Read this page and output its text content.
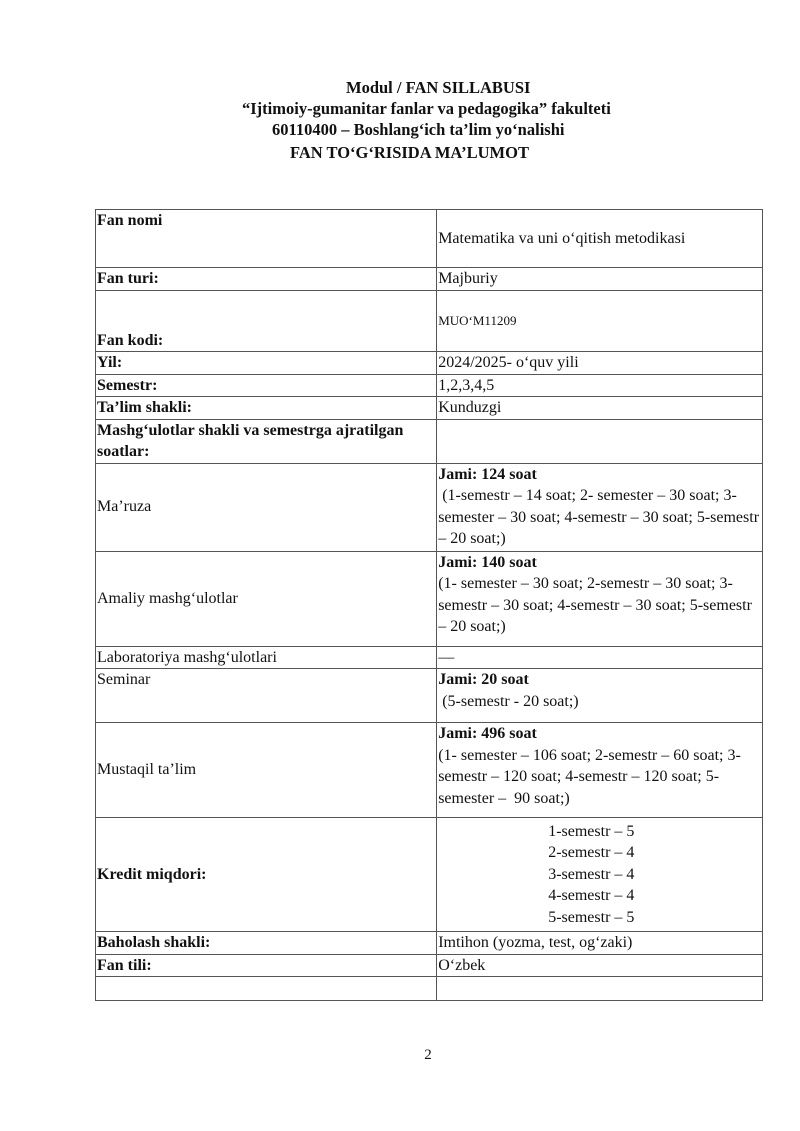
Modul / FAN SILLABUSI
“Ijtimoiy-gumanitar fanlar va pedagogika” fakulteti
60110400 – Boshlang‘ich ta’lim yo‘nalishi
FAN TO‘G‘RISIDA MA’LUMOT
Fan nomi	Matematika va uni o‘qitish metodikasi
Fan turi:	Majburiy
Fan kodi:	MUO‘M11209
Yil:	2024/2025- o‘quv yili
Semestr:	1,2,3,4,5
Ta’lim shakli:	Kunduzgi
Mashg‘ulotlar shakli va semestrga ajratilgan soatlar:	
Ma’ruza	Jami: 124 soat
(1-semestr – 14 soat; 2- semester – 30 soat; 3- semester – 30 soat; 4-semestr – 30 soat; 5-semestr – 20 soat;)

Amaliy mashg‘ulotlar	Jami: 140 soat
(1- semester – 30 soat; 2-semestr – 30 soat; 3-semestr – 30 soat; 4-semestr – 30 soat; 5-semestr – 20 soat;)

Laboratoriya mashg‘ulotlari	—
Seminar	Jami: 20 soat
(5-semestr - 20 soat;)

Mustaqil ta’lim	Jami: 496 soat
(1- semester – 106 soat; 2-semestr – 60 soat; 3-semestr – 120 soat; 4-semestr – 120 soat; 5- semester –  90 soat;)

Kredit miqdori:	1-semestr – 5
2-semestr – 4
3-semestr – 4
4-semestr – 4
5-semestr – 5

Baholash shakli:	Imtihon (yozma, test, og‘zaki)
Fan tili:	O‘zbek

2
